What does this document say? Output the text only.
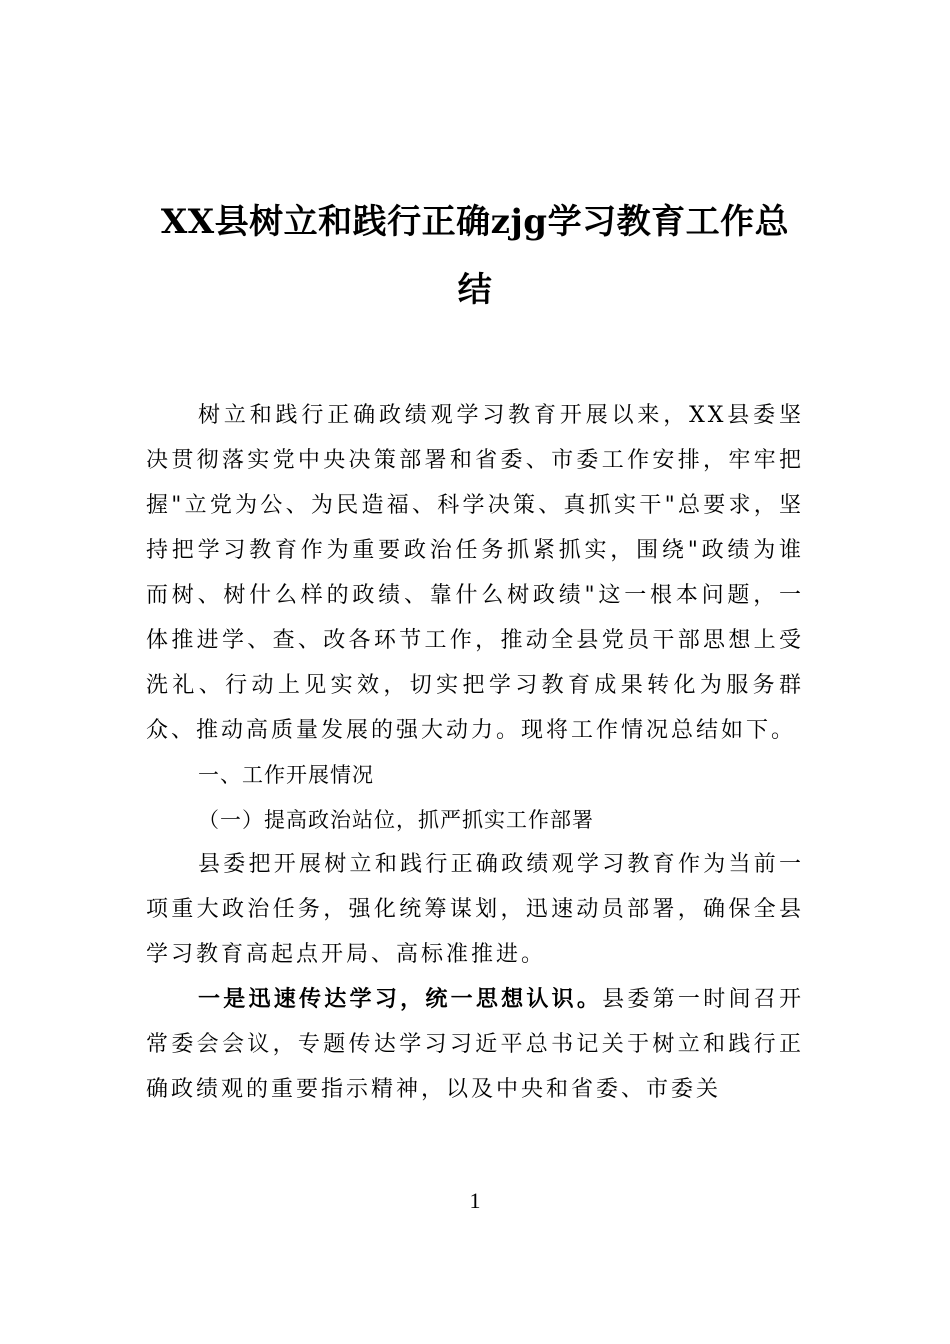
XX县树立和践行正确zjg学习教育工作总
结

树立和践行正确政绩观学习教育开展以来，XX县委坚决贯彻落实党中央决策部署和省委、市委工作安排，牢牢把握"立党为公、为民造福、科学决策、真抓实干"总要求，坚持把学习教育作为重要政治任务抓紧抓实，围绕"政绩为谁而树、树什么样的政绩、靠什么树政绩"这一根本问题，一体推进学、查、改各环节工作，推动全县党员干部思想上受洗礼、行动上见实效，切实把学习教育成果转化为服务群众、推动高质量发展的强大动力。现将工作情况总结如下。

一、工作开展情况

（一）提高政治站位，抓严抓实工作部署

县委把开展树立和践行正确政绩观学习教育作为当前一项重大政治任务，强化统筹谋划，迅速动员部署，确保全县学习教育高起点开局、高标准推进。

一是迅速传达学习，统一思想认识。县委第一时间召开常委会会议，专题传达学习习近平总书记关于树立和践行正确政绩观的重要指示精神，以及中央和省委、市委关

1
